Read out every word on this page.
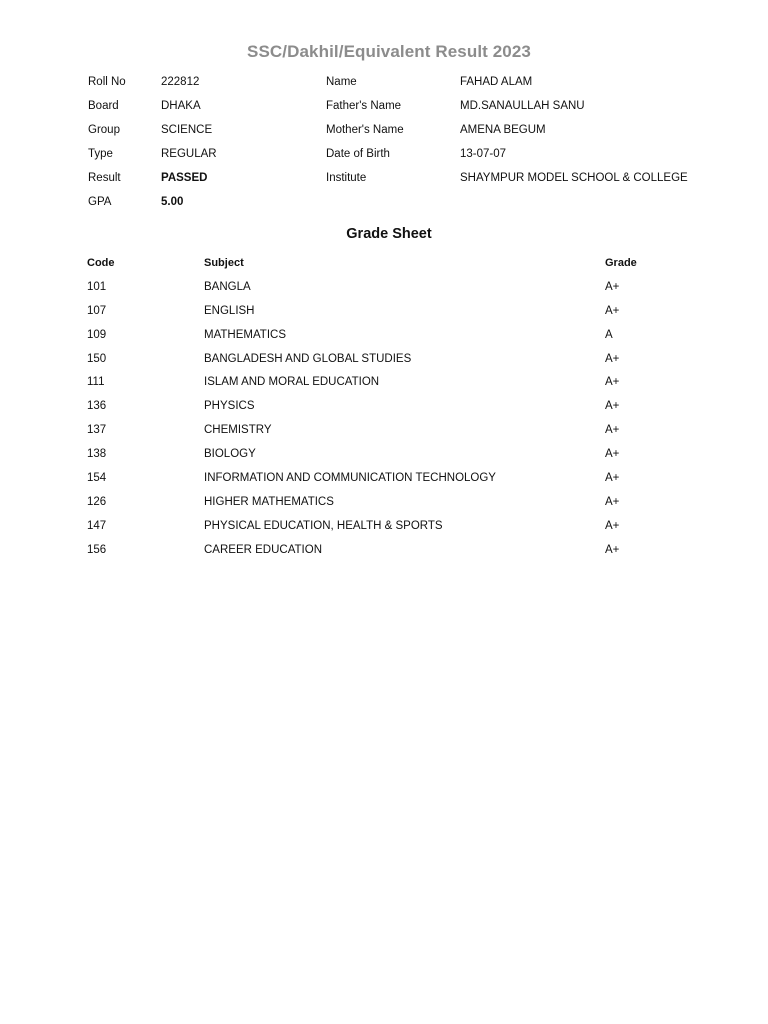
SSC/Dakhil/Equivalent Result 2023
Roll No	222812	Name	FAHAD ALAM
Board	DHAKA	Father's Name	MD.SANAULLAH SANU
Group	SCIENCE	Mother's Name	AMENA BEGUM
Type	REGULAR	Date of Birth	13-07-07
Result	PASSED	Institute	SHAYMPUR MODEL SCHOOL & COLLEGE
GPA	5.00
Grade Sheet
Code	Subject	Grade
101	BANGLA	A+
107	ENGLISH	A+
109	MATHEMATICS	A
150	BANGLADESH AND GLOBAL STUDIES	A+
111	ISLAM AND MORAL EDUCATION	A+
136	PHYSICS	A+
137	CHEMISTRY	A+
138	BIOLOGY	A+
154	INFORMATION AND COMMUNICATION TECHNOLOGY	A+
126	HIGHER MATHEMATICS	A+
147	PHYSICAL EDUCATION, HEALTH & SPORTS	A+
156	CAREER EDUCATION	A+
